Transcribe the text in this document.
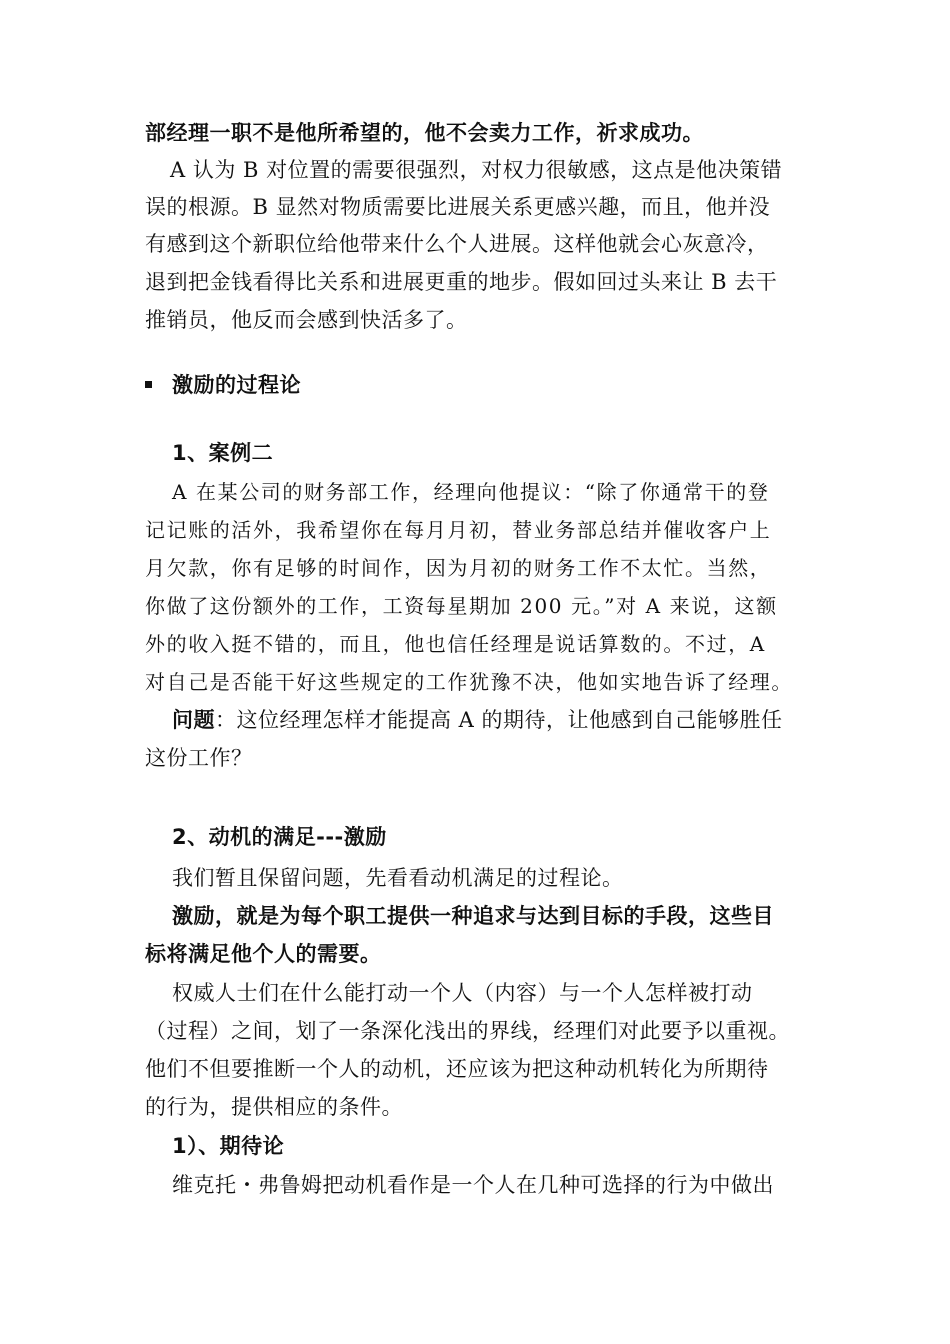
部经理一职不是他所希望的，他不会卖力工作，祈求成功。
A 认为 B 对位置的需要很强烈，对权力很敏感，这点是他决策错
误的根源。B 显然对物质需要比进展关系更感兴趣，而且，他并没
有感到这个新职位给他带来什么个人进展。这样他就会心灰意冷，
退到把金钱看得比关系和进展更重的地步。假如回过头来让 B 去干
推销员，他反而会感到快活多了。
激励的过程论
1、案例二
A 在某公司的财务部工作，经理向他提议：“除了你通常干的登
记记账的活外，我希望你在每月月初，替业务部总结并催收客户上
月欠款，你有足够的时间作，因为月初的财务工作不太忙。当然，
你做了这份额外的工作，工资每星期加 200 元。”对 A 来说，这额
外的收入挺不错的，而且，他也信任经理是说话算数的。不过，A
对自己是否能干好这些规定的工作犹豫不决，他如实地告诉了经理。
问题：这位经理怎样才能提高 A 的期待，让他感到自己能够胜任
这份工作？
2、动机的满足---激励
我们暂且保留问题，先看看动机满足的过程论。
激励，就是为每个职工提供一种追求与达到目标的手段，这些目
标将满足他个人的需要。
权威人士们在什么能打动一个人（内容）与一个人怎样被打动
（过程）之间，划了一条深化浅出的界线，经理们对此要予以重视。
他们不但要推断一个人的动机，还应该为把这种动机转化为所期待
的行为，提供相应的条件。
1）、期待论
维克托・弗鲁姆把动机看作是一个人在几种可选择的行为中做出
